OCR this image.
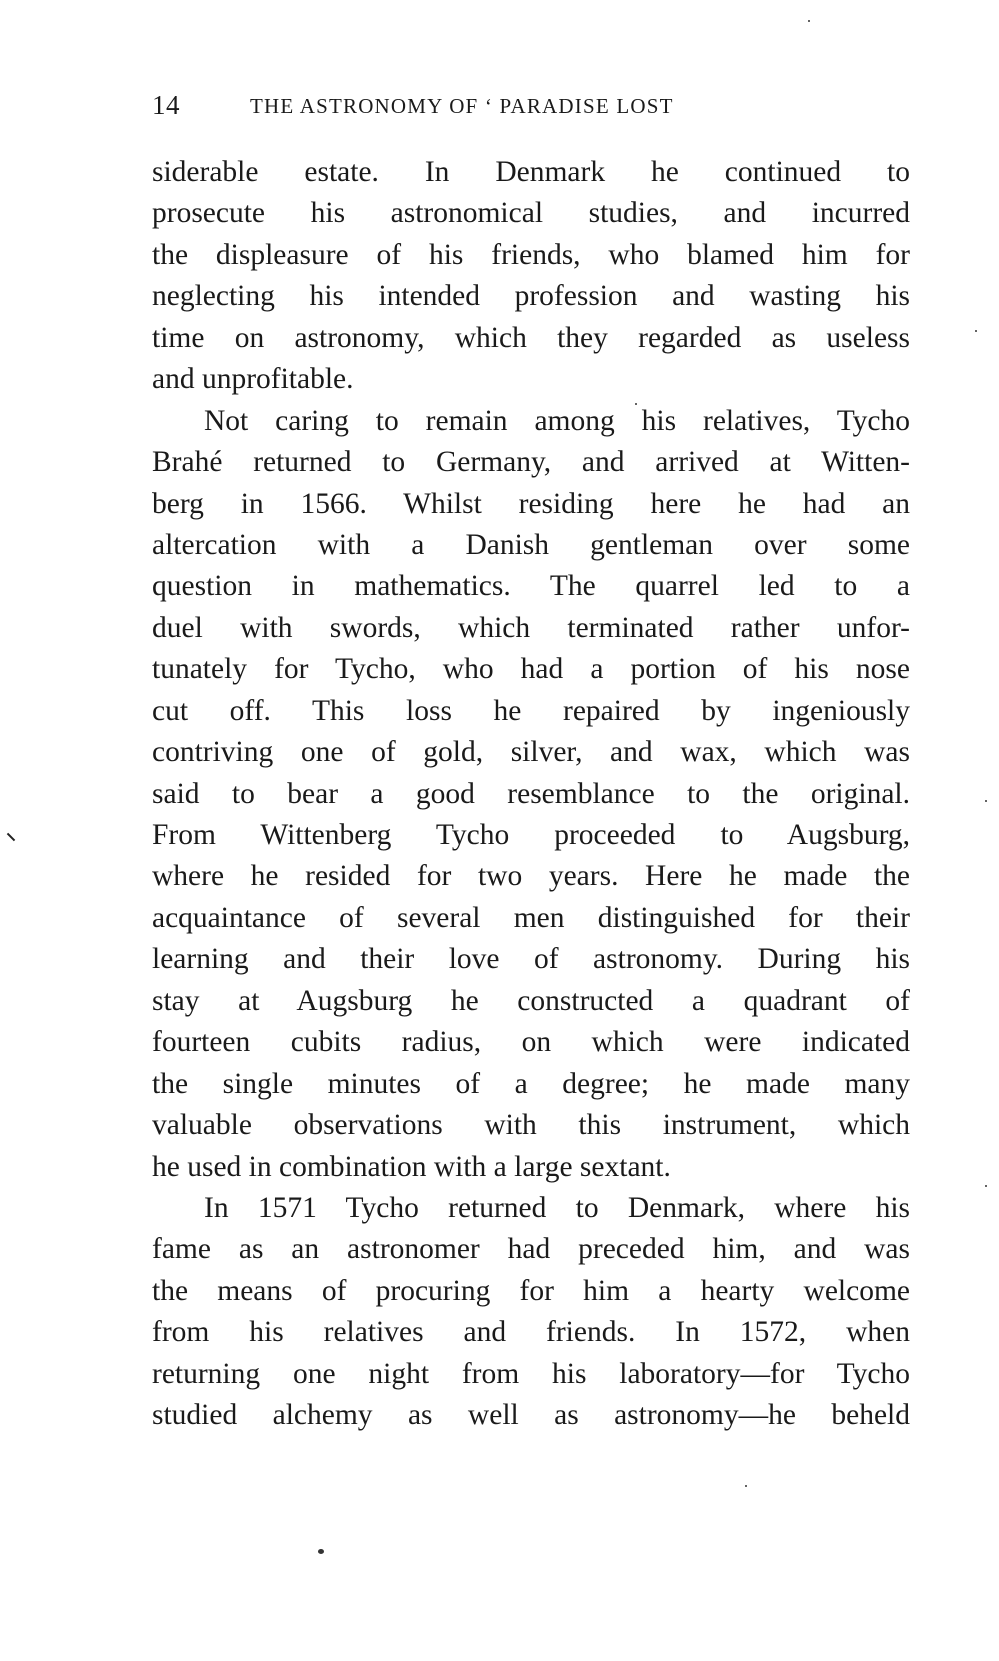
14	THE ASTRONOMY OF ‘ PARADISE LOST
siderable estate. In Denmark he continued to
prosecute his astronomical studies, and incurred
the displeasure of his friends, who blamed him for
neglecting his intended profession and wasting his
time on astronomy, which they regarded as useless
and unprofitable.
Not caring to remain among his relatives, Tycho
Brahé returned to Germany, and arrived at Witten-
berg in 1566. Whilst residing here he had an
altercation with a Danish gentleman over some
question in mathematics. The quarrel led to a
duel with swords, which terminated rather unfor-
tunately for Tycho, who had a portion of his nose
cut off. This loss he repaired by ingeniously
contriving one of gold, silver, and wax, which was
said to bear a good resemblance to the original.
From Wittenberg Tycho proceeded to Augsburg,
where he resided for two years. Here he made the
acquaintance of several men distinguished for their
learning and their love of astronomy. During his
stay at Augsburg he constructed a quadrant of
fourteen cubits radius, on which were indicated
the single minutes of a degree; he made many
valuable observations with this instrument, which
he used in combination with a large sextant.
In 1571 Tycho returned to Denmark, where his
fame as an astronomer had preceded him, and was
the means of procuring for him a hearty welcome
from his relatives and friends. In 1572, when
returning one night from his laboratory—for Tycho
studied alchemy as well as astronomy—he beheld
